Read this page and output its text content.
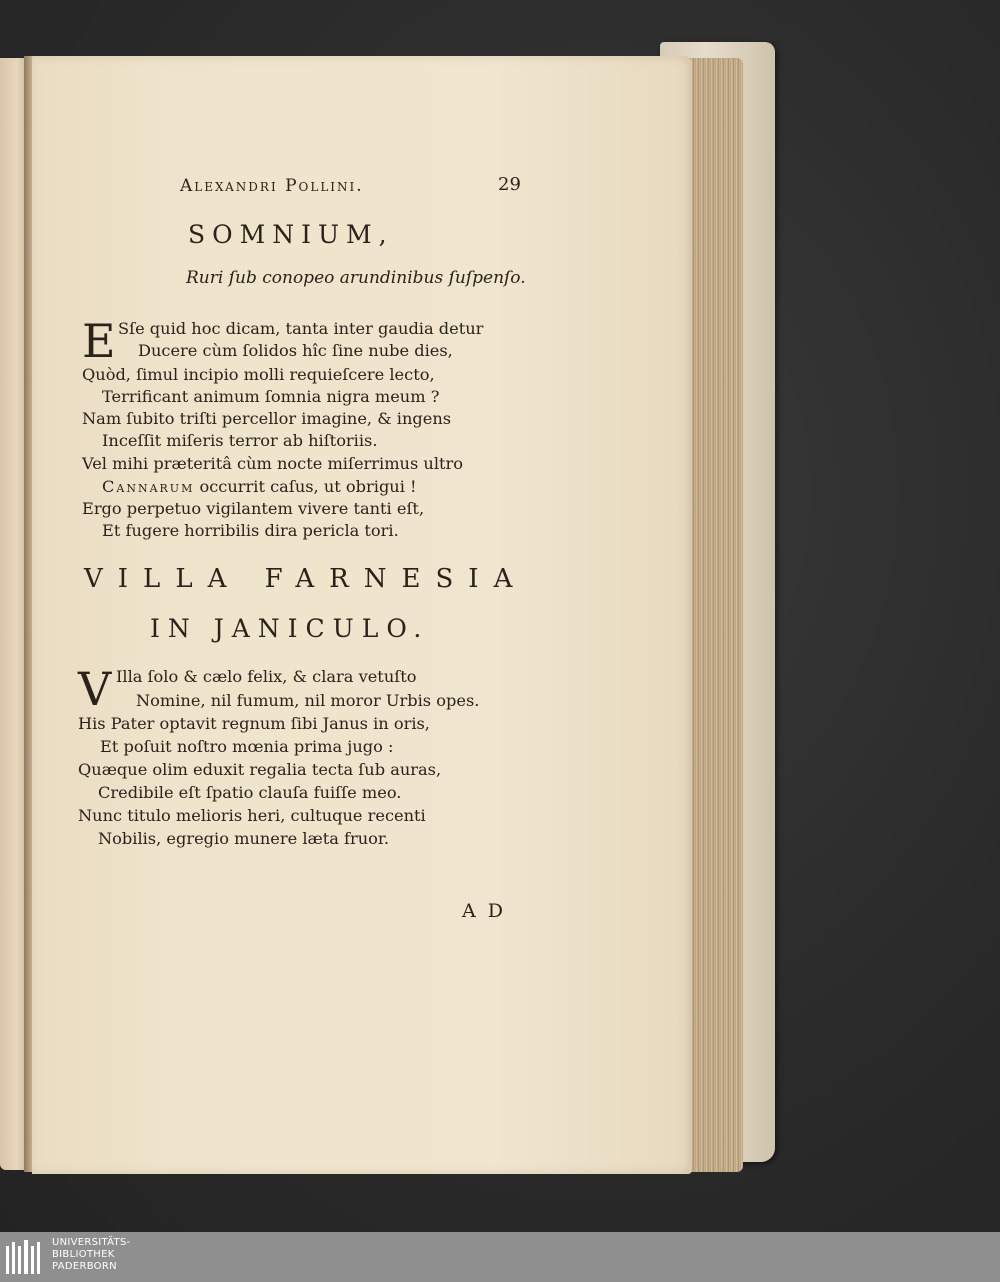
Alexandri Pollini.	29
SOMNIUM,
Ruri ſub conopeo arundinibus ſuſpenſo.
E Sſe quid hoc dicam, tanta inter gaudia detur
Ducere cùm ſolidos hîc ſine nube dies,
Quòd, ſimul incipio molli requieſcere lecto,
Terrificant animum ſomnia nigra meum ?
Nam ſubito triſti percellor imagine, & ingens
Inceſſit miſeris terror ab hiſtoriis.
Vel mihi præteritâ cùm nocte miſerrimus ultro
Cannarum occurrit caſus, ut obrigui !
Ergo perpetuo vigilantem vivere tanti eſt,
Et fugere horribilis dira pericla tori.
VILLA FARNESIA
IN JANICULO.
V Illa ſolo & cælo felix, & clara vetuſto
Nomine, nil fumum, nil moror Urbis opes.
His Pater optavit regnum ſibi Janus in oris,
Et poſuit noſtro mœnia prima jugo :
Quæque olim eduxit regalia tecta ſub auras,
Credibile eſt ſpatio clauſa fuiſſe meo.
Nunc titulo melioris heri, cultuque recenti
Nobilis, egregio munere læta fruor.
A D
UNIVERSITÄTS-
BIBLIOTHEK
PADERBORN
